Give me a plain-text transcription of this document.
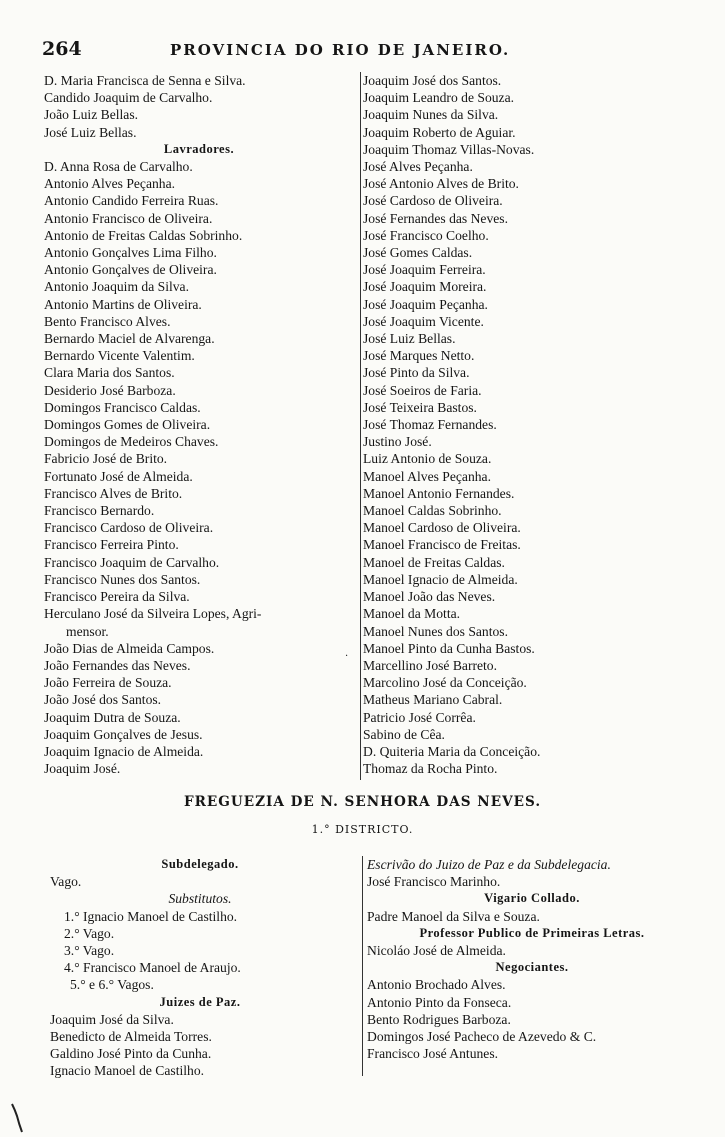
264	PROVINCIA DO RIO DE JANEIRO.
D. Maria Francisca de Senna e Silva.
Candido Joaquim de Carvalho.
João Luiz Bellas.
José Luiz Bellas.
Lavradores.
D. Anna Rosa de Carvalho.
Antonio Alves Peçanha.
Antonio Candido Ferreira Ruas.
Antonio Francisco de Oliveira.
Antonio de Freitas Caldas Sobrinho.
Antonio Gonçalves Lima Filho.
Antonio Gonçalves de Oliveira.
Antonio Joaquim da Silva.
Antonio Martins de Oliveira.
Bento Francisco Alves.
Bernardo Maciel de Alvarenga.
Bernardo Vicente Valentim.
Clara Maria dos Santos.
Desiderio José Barboza.
Domingos Francisco Caldas.
Domingos Gomes de Oliveira.
Domingos de Medeiros Chaves.
Fabricio José de Brito.
Fortunato José de Almeida.
Francisco Alves de Brito.
Francisco Bernardo.
Francisco Cardoso de Oliveira.
Francisco Ferreira Pinto.
Francisco Joaquim de Carvalho.
Francisco Nunes dos Santos.
Francisco Pereira da Silva.
Herculano José da Silveira Lopes, Agri-
mensor.
João Dias de Almeida Campos.
João Fernandes das Neves.
João Ferreira de Souza.
João José dos Santos.
Joaquim Dutra de Souza.
Joaquim Gonçalves de Jesus.
Joaquim Ignacio de Almeida.
Joaquim José.
Joaquim José dos Santos.
Joaquim Leandro de Souza.
Joaquim Nunes da Silva.
Joaquim Roberto de Aguiar.
Joaquim Thomaz Villas-Novas.
José Alves Peçanha.
José Antonio Alves de Brito.
José Cardoso de Oliveira.
José Fernandes das Neves.
José Francisco Coelho.
José Gomes Caldas.
José Joaquim Ferreira.
José Joaquim Moreira.
José Joaquim Peçanha.
José Joaquim Vicente.
José Luiz Bellas.
José Marques Netto.
José Pinto da Silva.
José Soeiros de Faria.
José Teixeira Bastos.
José Thomaz Fernandes.
Justino José.
Luiz Antonio de Souza.
Manoel Alves Peçanha.
Manoel Antonio Fernandes.
Manoel Caldas Sobrinho.
Manoel Cardoso de Oliveira.
Manoel Francisco de Freitas.
Manoel de Freitas Caldas.
Manoel Ignacio de Almeida.
Manoel João das Neves.
Manoel da Motta.
Manoel Nunes dos Santos.
Manoel Pinto da Cunha Bastos.
Marcellino José Barreto.
Marcolino José da Conceição.
Matheus Mariano Cabral.
Patricio José Corrêa.
Sabino de Cêa.
D. Quiteria Maria da Conceição.
Thomaz da Rocha Pinto.
.
FREGUEZIA DE N. SENHORA DAS NEVES.
1.° DISTRICTO.
Subdelegado.
Vago.
Substitutos.
1.° Ignacio Manoel de Castilho.
2.° Vago.
3.° Vago.
4.° Francisco Manoel de Araujo.
5.° e 6.° Vagos.
Juizes de Paz.
Joaquim José da Silva.
Benedicto de Almeida Torres.
Galdino José Pinto da Cunha.
Ignacio Manoel de Castilho.
Escrivão do Juizo de Paz e da Subdelegacia.
José Francisco Marinho.
Vigario Collado.
Padre Manoel da Silva e Souza.
Professor Publico de Primeiras Letras.
Nicoláo José de Almeida.
Negociantes.
Antonio Brochado Alves.
Antonio Pinto da Fonseca.
Bento Rodrigues Barboza.
Domingos José Pacheco de Azevedo & C.
Francisco José Antunes.
